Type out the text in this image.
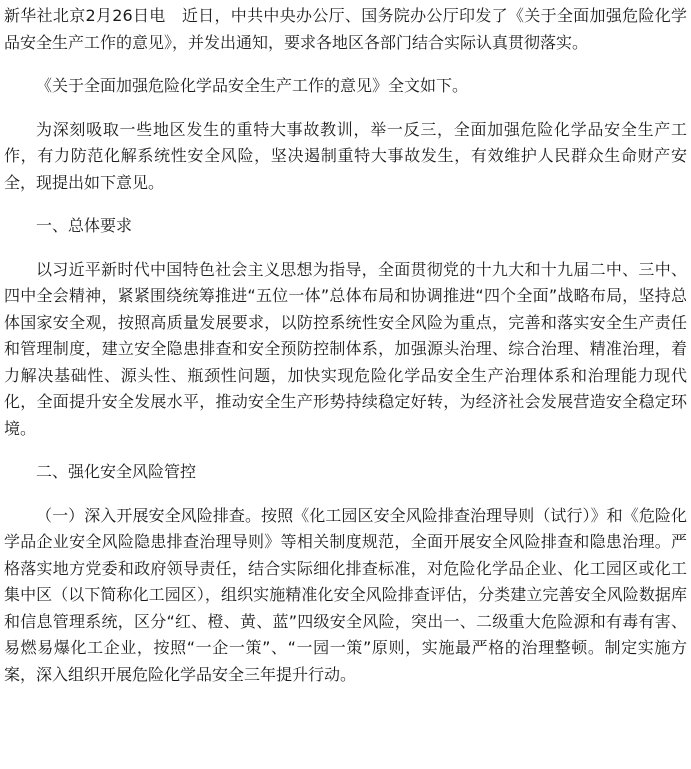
新华社北京2月26日电　近日，中共中央办公厅、国务院办公厅印发了《关于全面加强危险化学品安全生产工作的意见》，并发出通知，要求各地区各部门结合实际认真贯彻落实。

《关于全面加强危险化学品安全生产工作的意见》全文如下。

为深刻吸取一些地区发生的重特大事故教训，举一反三，全面加强危险化学品安全生产工作，有力防范化解系统性安全风险，坚决遏制重特大事故发生，有效维护人民群众生命财产安全，现提出如下意见。

一、总体要求

以习近平新时代中国特色社会主义思想为指导，全面贯彻党的十九大和十九届二中、三中、四中全会精神，紧紧围绕统筹推进“五位一体”总体布局和协调推进“四个全面”战略布局，坚持总体国家安全观，按照高质量发展要求，以防控系统性安全风险为重点，完善和落实安全生产责任和管理制度，建立安全隐患排查和安全预防控制体系，加强源头治理、综合治理、精准治理，着力解决基础性、源头性、瓶颈性问题，加快实现危险化学品安全生产治理体系和治理能力现代化，全面提升安全发展水平，推动安全生产形势持续稳定好转，为经济社会发展营造安全稳定环境。

二、强化安全风险管控

（一）深入开展安全风险排查。按照《化工园区安全风险排查治理导则（试行）》和《危险化学品企业安全风险隐患排查治理导则》等相关制度规范，全面开展安全风险排查和隐患治理。严格落实地方党委和政府领导责任，结合实际细化排查标准，对危险化学品企业、化工园区或化工集中区（以下简称化工园区），组织实施精准化安全风险排查评估，分类建立完善安全风险数据库和信息管理系统，区分“红、橙、黄、蓝”四级安全风险，突出一、二级重大危险源和有毒有害、易燃易爆化工企业，按照“一企一策”、“一园一策”原则，实施最严格的治理整顿。制定实施方案，深入组织开展危险化学品安全三年提升行动。
